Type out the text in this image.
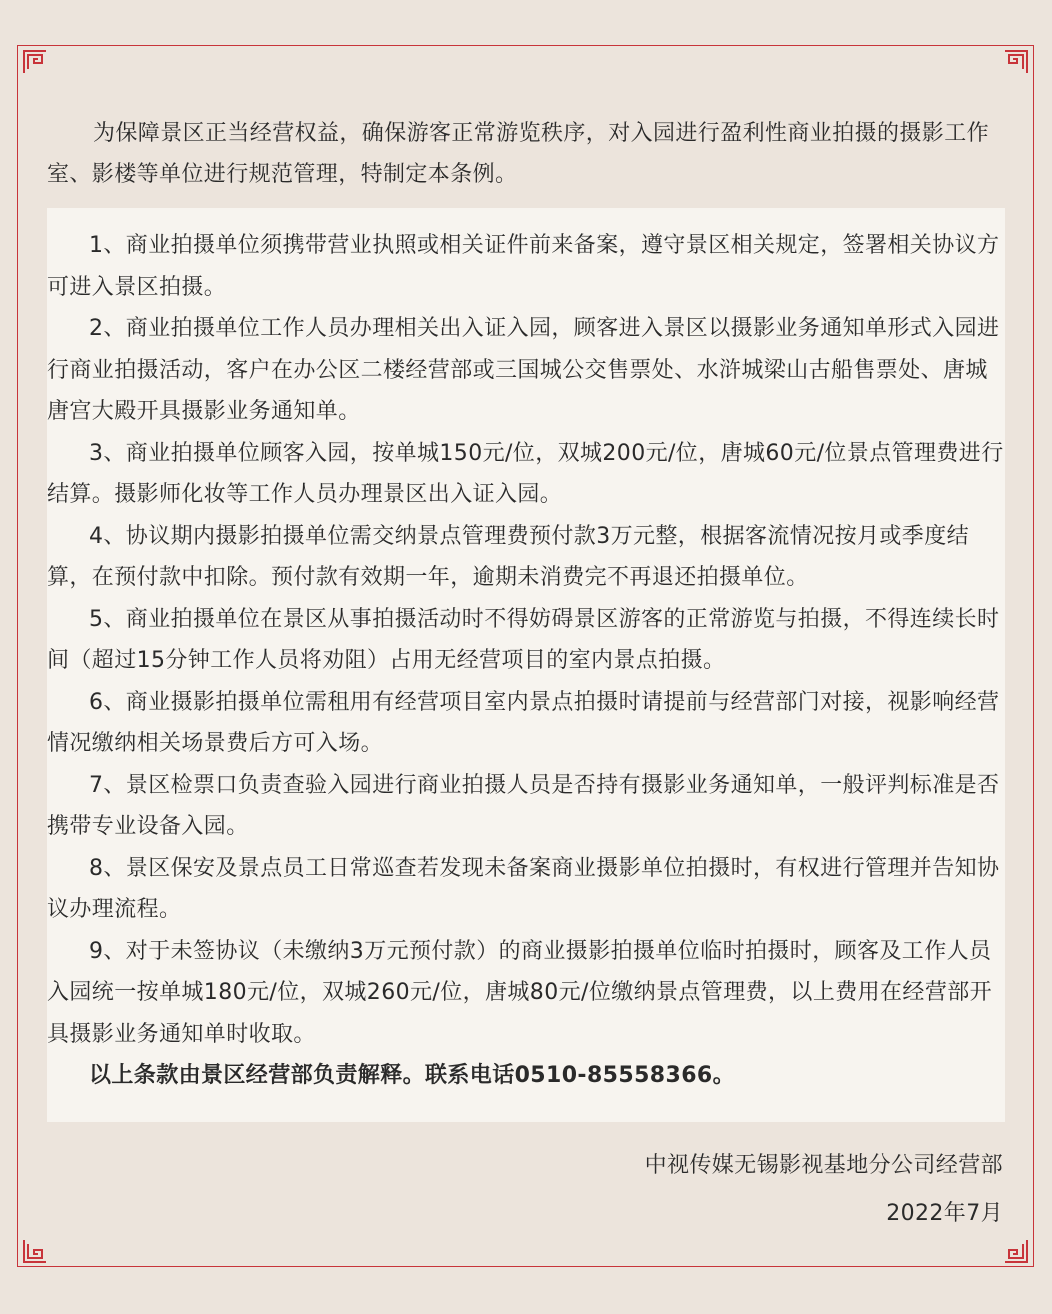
为保障景区正当经营权益，确保游客正常游览秩序，对入园进行盈利性商业拍摄的摄影工作室、影楼等单位进行规范管理，特制定本条例。

1、商业拍摄单位须携带营业执照或相关证件前来备案，遵守景区相关规定，签署相关协议方可进入景区拍摄。

2、商业拍摄单位工作人员办理相关出入证入园，顾客进入景区以摄影业务通知单形式入园进行商业拍摄活动，客户在办公区二楼经营部或三国城公交售票处、水浒城梁山古船售票处、唐城唐宫大殿开具摄影业务通知单。

3、商业拍摄单位顾客入园，按单城150元/位，双城200元/位，唐城60元/位景点管理费进行结算。摄影师化妆等工作人员办理景区出入证入园。

4、协议期内摄影拍摄单位需交纳景点管理费预付款3万元整，根据客流情况按月或季度结算，在预付款中扣除。预付款有效期一年，逾期未消费完不再退还拍摄单位。

5、商业拍摄单位在景区从事拍摄活动时不得妨碍景区游客的正常游览与拍摄，不得连续长时间（超过15分钟工作人员将劝阻）占用无经营项目的室内景点拍摄。

6、商业摄影拍摄单位需租用有经营项目室内景点拍摄时请提前与经营部门对接，视影响经营情况缴纳相关场景费后方可入场。

7、景区检票口负责查验入园进行商业拍摄人员是否持有摄影业务通知单，一般评判标准是否携带专业设备入园。

8、景区保安及景点员工日常巡查若发现未备案商业摄影单位拍摄时，有权进行管理并告知协议办理流程。

9、对于未签协议（未缴纳3万元预付款）的商业摄影拍摄单位临时拍摄时，顾客及工作人员入园统一按单城180元/位，双城260元/位，唐城80元/位缴纳景点管理费，以上费用在经营部开具摄影业务通知单时收取。

以上条款由景区经营部负责解释。联系电话0510-85558366。

中视传媒无锡影视基地分公司经营部
2022年7月
